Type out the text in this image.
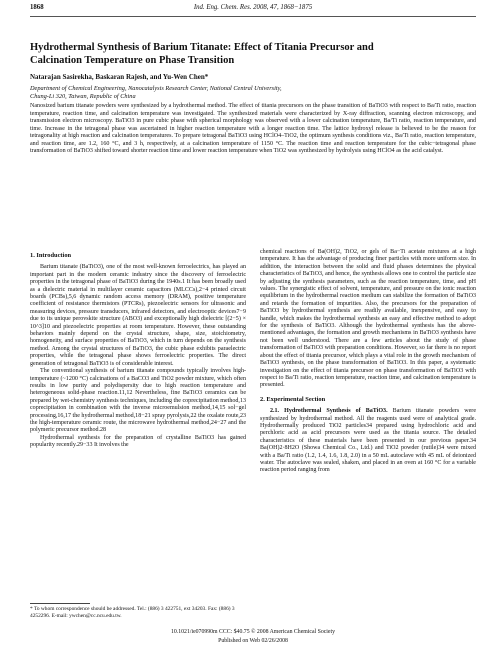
1868	Ind. Eng. Chem. Res. 2008, 47, 1868−1875
Hydrothermal Synthesis of Barium Titanate: Effect of Titania Precursor and
Calcination Temperature on Phase Transition
Natarajan Sasirekha, Baskaran Rajesh, and Yu-Wen Chen*
Department of Chemical Engineering, Nanocatalysis Research Center, National Central University,
Chung-Li 320, Taiwan, Republic of China
Nanosized barium titanate powders were synthesized by a hydrothermal method. The effect of titania precursors on the phase transition of BaTiO3 with respect to Ba/Ti ratio, reaction temperature, reaction time, and calcination temperature was investigated. The synthesized materials were characterized by X-ray diffraction, scanning electron microscopy, and transmission electron microscopy. BaTiO3 in pure cubic phase with spherical morphology was observed with a lower calcination temperature, Ba/Ti ratio, reaction temperature, and time. Increase in the tetragonal phase was ascertained in higher reaction temperature with a longer reaction time. The lattice hydroxyl release is believed to be the reason for tetragonality at high reaction and calcination temperatures. To prepare tetragonal BaTiO3 using HClO4–TiO2, the optimum synthesis conditions viz., Ba/Ti ratio, reaction temperature, and reaction time, are 1.2, 160 °C, and 3 h, respectively, at a calcination temperature of 1150 °C. The reaction time and reaction temperature for the cubic−tetragonal phase transformation of BaTiO3 shifted toward shorter reaction time and lower reaction temperature when TiO2 was synthesized by hydrolysis using HClO4 as the acid catalyst.
1. Introduction

Barium titanate (BaTiO3), one of the most well-known ferroelectrics, has played an important part in the modern ceramic industry since the discovery of ferroelectric properties in the tetragonal phase of BaTiO3 during the 1940s.1 It has been broadly used as a dielectric material in multilayer ceramic capacitors (MLCCs),2−4 printed circuit boards (PCBs),5,6 dynamic random access memory (DRAM), positive temperature coefficient of resistance thermistors (PTCRs), piezoelectric sensors for ultrasonic and measuring devices, pressure transducers, infrared detectors, and electrooptic devices7−9 due to its unique perovskite structure (ABO3) and exceptionally high dielectric [(2−5) × 10^3]10 and piezoelectric properties at room temperature. However, these outstanding behaviors mainly depend on the crystal structure, shape, size, stoichiometry, homogeneity, and surface properties of BaTiO3, which in turn depends on the synthesis method. Among the crystal structures of BaTiO3, the cubic phase exhibits paraelectric properties, while the tetragonal phase shows ferroelectric properties. The direct generation of tetragonal BaTiO3 is of considerable interest.

The conventional synthesis of barium titanate compounds typically involves high-temperature (~1200 °C) calcinations of a BaCO3 and TiO2 powder mixture, which often results in low purity and polydispersity due to high reaction temperature and heterogeneous solid-phase reaction.11,12 Nevertheless, fine BaTiO3 ceramics can be prepared by wet-chemistry synthesis techniques, including the coprecipitation method,13 coprecipitation in combination with the inverse microemulsion method,14,15 sol−gel processing,16,17 the hydrothermal method,18−21 spray pyrolysis,22 the oxalate route,23 the high-temperature ceramic route, the microwave hydrothermal method,24−27 and the polymeric precursor method.28

Hydrothermal synthesis for the preparation of crystalline BaTiO3 has gained popularity recently.29−33 It involves the

chemical reactions of Ba(OH)2, TiO2, or gels of Ba−Ti acetate mixtures at a high temperature. It has the advantage of producing finer particles with more uniform size. In addition, the interaction between the solid and fluid phases determines the physical characteristics of BaTiO3, and hence, the synthesis allows one to control the particle size by adjusting the synthesis parameters, such as the reaction temperature, time, and pH values. The synergistic effect of solvent, temperature, and pressure on the ionic reaction equilibrium in the hydrothermal reaction medium can stabilize the formation of BaTiO3 and retards the formation of impurities. Also, the precursors for the preparation of BaTiO3 by hydrothermal synthesis are readily available, inexpensive, and easy to handle, which makes the hydrothermal synthesis an easy and effective method to adopt for the synthesis of BaTiO3. Although the hydrothermal synthesis has the above-mentioned advantages, the formation and growth mechanisms in BaTiO3 synthesis have not been well understood. There are a few articles about the study of phase transformation of BaTiO3 with preparation conditions. However, so far there is no report about the effect of titania precursor, which plays a vital role in the growth mechanism of BaTiO3 synthesis, on the phase transformation of BaTiO3. In this paper, a systematic investigation on the effect of titania precursor on phase transformation of BaTiO3 with respect to Ba/Ti ratio, reaction temperature, reaction time, and calcination temperature is presented.

2. Experimental Section

2.1. Hydrothermal Synthesis of BaTiO3. Barium titanate powders were synthesized by hydrothermal method. All the reagents used were of analytical grade. Hydrothermally produced TiO2 particles34 prepared using hydrochloric acid and perchloric acid as acid precursors were used as the titania source. The detailed characteristics of these materials have been presented in our previous paper.34 Ba(OH)2·8H2O (Showa Chemical Co., Ltd.) and TiO2 powder (rutile)34 were mixed with a Ba/Ti ratio (1.2, 1.4, 1.6, 1.8, 2.0) in a 50 mL autoclave with 45 mL of deionized water. The autoclave was sealed, shaken, and placed in an oven at 160 °C for a variable reaction period ranging from

* To whom correspondence should be addressed. Tel.: (886) 3 422751, ext 34203. Fax: (886) 3 4252296. E-mail: ywchen@cc.ncu.edu.tw.
10.1021/ie070990m CCC: $40.75 © 2008 American Chemical Society
Published on Web 02/26/2008
